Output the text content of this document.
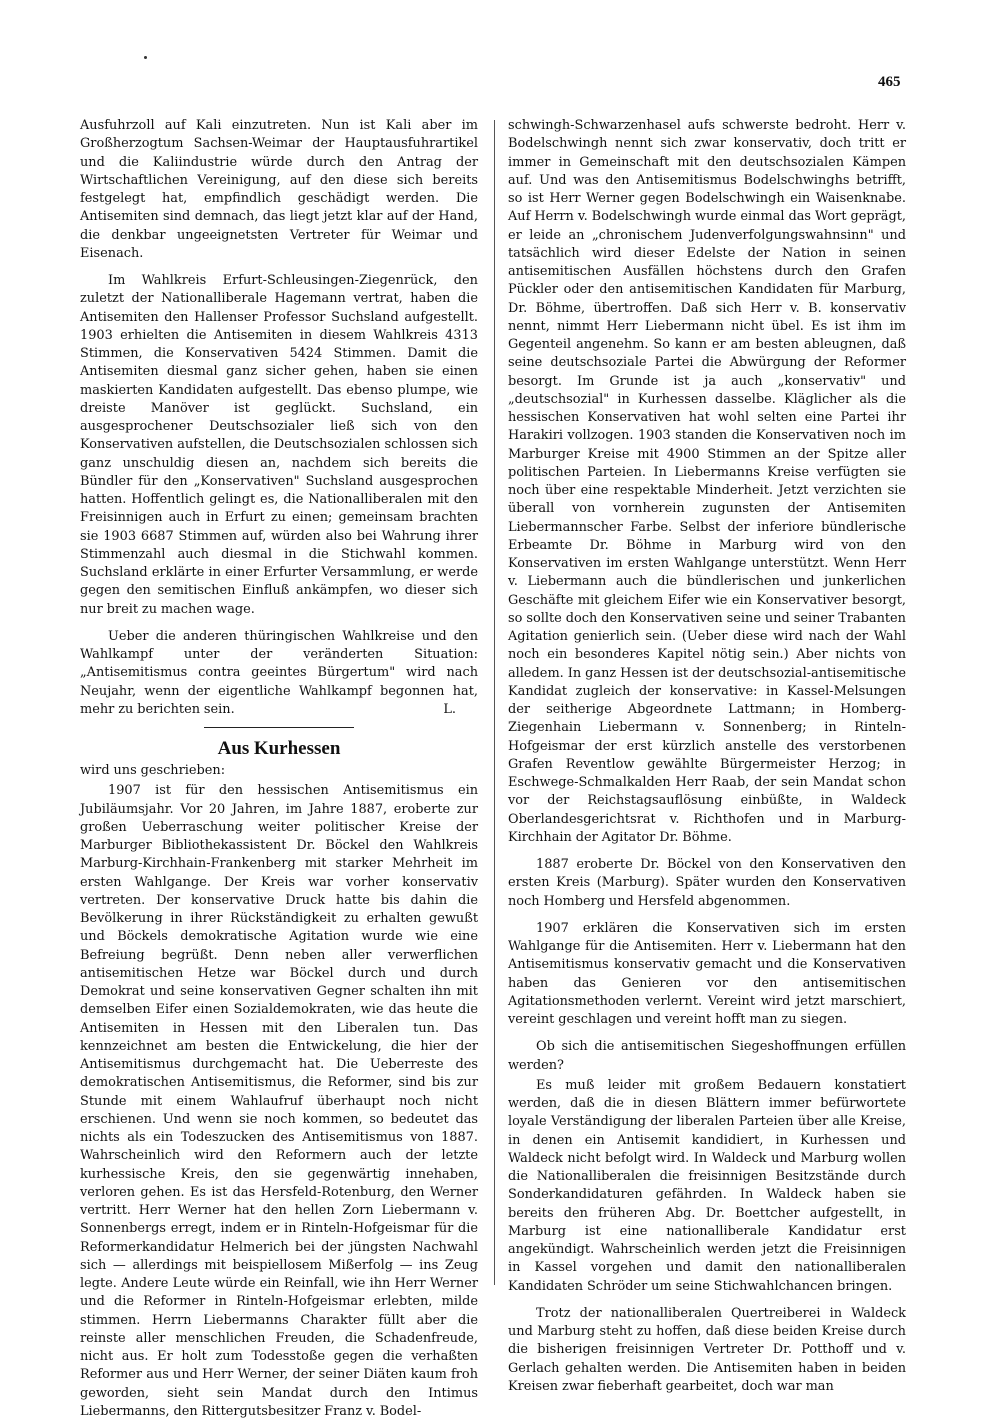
465

Ausfuhrzoll auf Kali einzutreten. Nun ist Kali aber im Großherzogtum Sachsen-Weimar der Hauptausfuhrartikel und die Kaliindustrie würde durch den Antrag der Wirtschaftlichen Vereinigung, auf den diese sich bereits festgelegt hat, empfindlich geschädigt werden. Die Antisemiten sind demnach, das liegt jetzt klar auf der Hand, die denkbar ungeeignetsten Vertreter für Weimar und Eisenach.

Im Wahlkreis Erfurt-Schleusingen-Ziegenrück, den zuletzt der Nationalliberale Hagemann vertrat, haben die Antisemiten den Hallenser Professor Suchsland aufgestellt. 1903 erhielten die Antisemiten in diesem Wahlkreis 4313 Stimmen, die Konservativen 5424 Stimmen. Damit die Antisemiten diesmal ganz sicher gehen, haben sie einen maskierten Kandidaten aufgestellt. Das ebenso plumpe, wie dreiste Manöver ist geglückt. Suchsland, ein ausgesprochener Deutschsozialer ließ sich von den Konservativen aufstellen, die Deutschsozialen schlossen sich ganz unschuldig diesen an, nachdem sich bereits die Bündler für den „Konservativen" Suchsland ausgesprochen hatten. Hoffentlich gelingt es, die Nationalliberalen mit den Freisinnigen auch in Erfurt zu einen; gemeinsam brachten sie 1903 6687 Stimmen auf, würden also bei Wahrung ihrer Stimmenzahl auch diesmal in die Stichwahl kommen. Suchsland erklärte in einer Erfurter Versammlung, er werde gegen den semitischen Einfluß ankämpfen, wo dieser sich nur breit zu machen wage.

Ueber die anderen thüringischen Wahlkreise und den Wahlkampf unter der veränderten Situation: „Antisemitismus contra geeintes Bürgertum" wird nach Neujahr, wenn der eigentliche Wahlkampf begonnen hat, mehr zu berichten sein.	L.

Aus Kurhessen

wird uns geschrieben:

1907 ist für den hessischen Antisemitismus ein Jubiläumsjahr. Vor 20 Jahren, im Jahre 1887, eroberte zur großen Ueberraschung weiter politischer Kreise der Marburger Bibliothekassistent Dr. Böckel den Wahlkreis Marburg-Kirchhain-Frankenberg mit starker Mehrheit im ersten Wahlgange. Der Kreis war vorher konservativ vertreten. Der konservative Druck hatte bis dahin die Bevölkerung in ihrer Rückständigkeit zu erhalten gewußt und Böckels demokratische Agitation wurde wie eine Befreiung begrüßt. Denn neben aller verwerflichen antisemitischen Hetze war Böckel durch und durch Demokrat und seine konservativen Gegner schalten ihn mit demselben Eifer einen Sozialdemokraten, wie das heute die Antisemiten in Hessen mit den Liberalen tun. Das kennzeichnet am besten die Entwickelung, die hier der Antisemitismus durchgemacht hat. Die Ueberreste des demokratischen Antisemitismus, die Reformer, sind bis zur Stunde mit einem Wahlaufruf überhaupt noch nicht erschienen. Und wenn sie noch kommen, so bedeutet das nichts als ein Todeszucken des Antisemitismus von 1887. Wahrscheinlich wird den Reformern auch der letzte kurhessische Kreis, den sie gegenwärtig innehaben, verloren gehen. Es ist das Hersfeld-Rotenburg, den Werner vertritt. Herr Werner hat den hellen Zorn Liebermann v. Sonnenbergs erregt, indem er in Rinteln-Hofgeismar für die Reformerkandidatur Helmerich bei der jüngsten Nachwahl sich — allerdings mit beispiellosem Mißerfolg — ins Zeug legte. Andere Leute würde ein Reinfall, wie ihn Herr Werner und die Reformer in Rinteln-Hofgeismar erlebten, milde stimmen. Herrn Liebermanns Charakter füllt aber die reinste aller menschlichen Freuden, die Schadenfreude, nicht aus. Er holt zum Todesstoße gegen die verhaßten Reformer aus und Herr Werner, der seiner Diäten kaum froh geworden, sieht sein Mandat durch den Intimus Liebermanns, den Rittergutsbesitzer Franz v. Bodel-

schwingh-Schwarzenhasel aufs schwerste bedroht. Herr v. Bodelschwingh nennt sich zwar konservativ, doch tritt er immer in Gemeinschaft mit den deutschsozialen Kämpen auf. Und was den Antisemitismus Bodelschwinghs betrifft, so ist Herr Werner gegen Bodelschwingh ein Waisenknabe. Auf Herrn v. Bodelschwingh wurde einmal das Wort geprägt, er leide an „chronischem Judenverfolgungswahnsinn" und tatsächlich wird dieser Edelste der Nation in seinen antisemitischen Ausfällen höchstens durch den Grafen Pückler oder den antisemitischen Kandidaten für Marburg, Dr. Böhme, übertroffen. Daß sich Herr v. B. konservativ nennt, nimmt Herr Liebermann nicht übel. Es ist ihm im Gegenteil angenehm. So kann er am besten ableugnen, daß seine deutschsoziale Partei die Abwürgung der Reformer besorgt. Im Grunde ist ja auch „konservativ" und „deutschsozial" in Kurhessen dasselbe. Kläglicher als die hessischen Konservativen hat wohl selten eine Partei ihr Harakiri vollzogen. 1903 standen die Konservativen noch im Marburger Kreise mit 4900 Stimmen an der Spitze aller politischen Parteien. In Liebermanns Kreise verfügten sie noch über eine respektable Minderheit. Jetzt verzichten sie überall von vornherein zugunsten der Antisemiten Liebermannscher Farbe. Selbst der inferiore bündlerische Erbeamte Dr. Böhme in Marburg wird von den Konservativen im ersten Wahlgange unterstützt. Wenn Herr v. Liebermann auch die bündlerischen und junkerlichen Geschäfte mit gleichem Eifer wie ein Konservativer besorgt, so sollte doch den Konservativen seine und seiner Trabanten Agitation genierlich sein. (Ueber diese wird nach der Wahl noch ein besonderes Kapitel nötig sein.) Aber nichts von alledem. In ganz Hessen ist der deutschsozial-antisemitische Kandidat zugleich der konservative: in Kassel-Melsungen der seitherige Abgeordnete Lattmann; in Homberg-Ziegenhain Liebermann v. Sonnenberg; in Rinteln-Hofgeismar der erst kürzlich anstelle des verstorbenen Grafen Reventlow gewählte Bürgermeister Herzog; in Eschwege-Schmalkalden Herr Raab, der sein Mandat schon vor der Reichstagsauflösung einbüßte, in Waldeck Oberlandesgerichtsrat v. Richthofen und in Marburg-Kirchhain der Agitator Dr. Böhme.

1887 eroberte Dr. Böckel von den Konservativen den ersten Kreis (Marburg). Später wurden den Konservativen noch Homberg und Hersfeld abgenommen.

1907 erklären die Konservativen sich im ersten Wahlgange für die Antisemiten. Herr v. Liebermann hat den Antisemitismus konservativ gemacht und die Konservativen haben das Genieren vor den antisemitischen Agitationsmethoden verlernt. Vereint wird jetzt marschiert, vereint geschlagen und vereint hofft man zu siegen.

Ob sich die antisemitischen Siegeshoffnungen erfüllen werden?

Es muß leider mit großem Bedauern konstatiert werden, daß die in diesen Blättern immer befürwortete loyale Verständigung der liberalen Parteien über alle Kreise, in denen ein Antisemit kandidiert, in Kurhessen und Waldeck nicht befolgt wird. In Waldeck und Marburg wollen die Nationalliberalen die freisinnigen Besitzstände durch Sonderkandidaturen gefährden. In Waldeck haben sie bereits den früheren Abg. Dr. Boettcher aufgestellt, in Marburg ist eine nationalliberale Kandidatur erst angekündigt. Wahrscheinlich werden jetzt die Freisinnigen in Kassel vorgehen und damit den nationalliberalen Kandidaten Schröder um seine Stichwahlchancen bringen.

Trotz der nationalliberalen Quertreiberei in Waldeck und Marburg steht zu hoffen, daß diese beiden Kreise durch die bisherigen freisinnigen Vertreter Dr. Potthoff und v. Gerlach gehalten werden. Die Antisemiten haben in beiden Kreisen zwar fieberhaft gearbeitet, doch war man
